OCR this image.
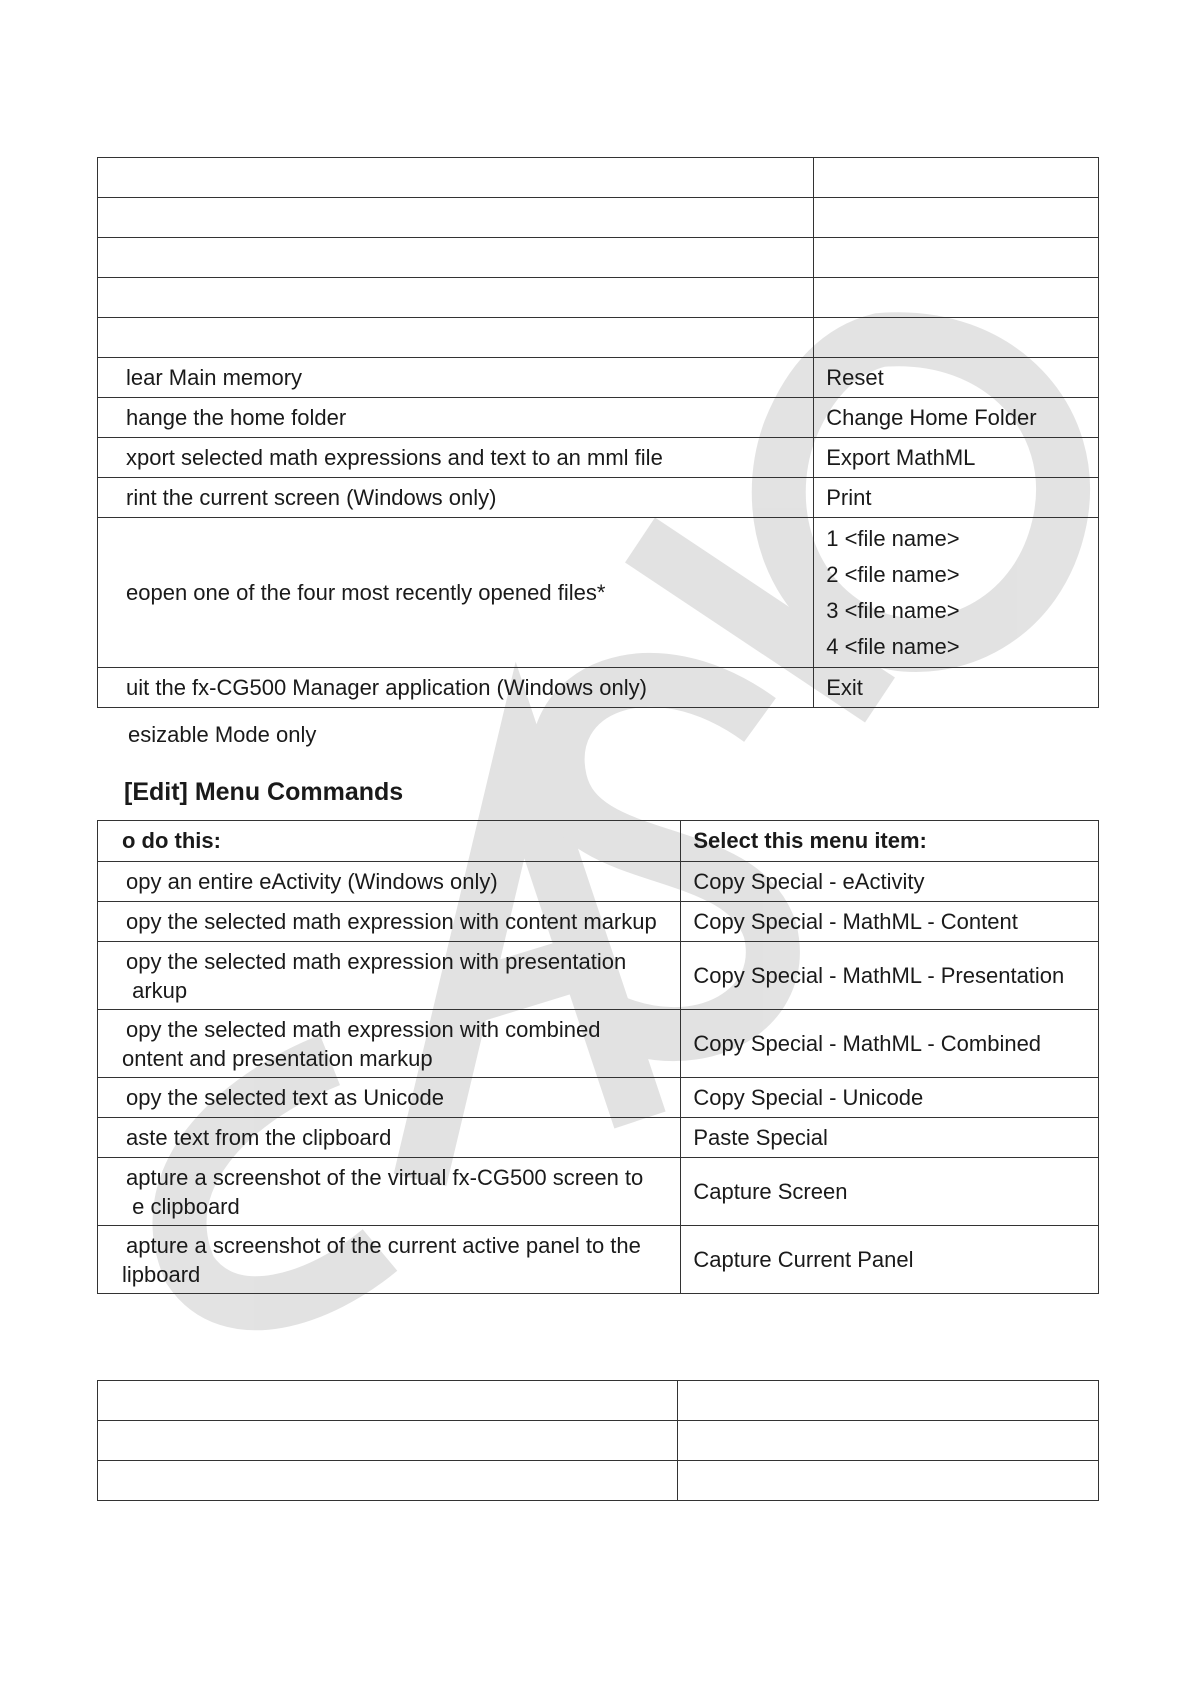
lear Main memory	Reset
hange the home folder	Change Home Folder
xport selected math expressions and text to an mml file	Export MathML
rint the current screen (Windows only)	Print
eopen one of the four most recently opened files*	1 <file name>
2 <file name>
3 <file name>
4 <file name>

uit the fx-CG500 Manager application (Windows only)	Exit
esizable Mode only
[Edit] Menu Commands
o do this:	Select this menu item:
opy an entire eActivity (Windows only)	Copy Special - eActivity
opy the selected math expression with content markup	Copy Special - MathML - Content

opy the selected math expression with presentation
arkup	Copy Special - MathML - Presentation

opy the selected math expression with combined
ontent and presentation markup	Copy Special - MathML - Combined
opy the selected text as Unicode	Copy Special - Unicode
aste text from the clipboard	Paste Special

apture a screenshot of the virtual fx-CG500 screen to
e clipboard	Capture Screen

apture a screenshot of the current active panel to the
lipboard	Capture Current Panel
